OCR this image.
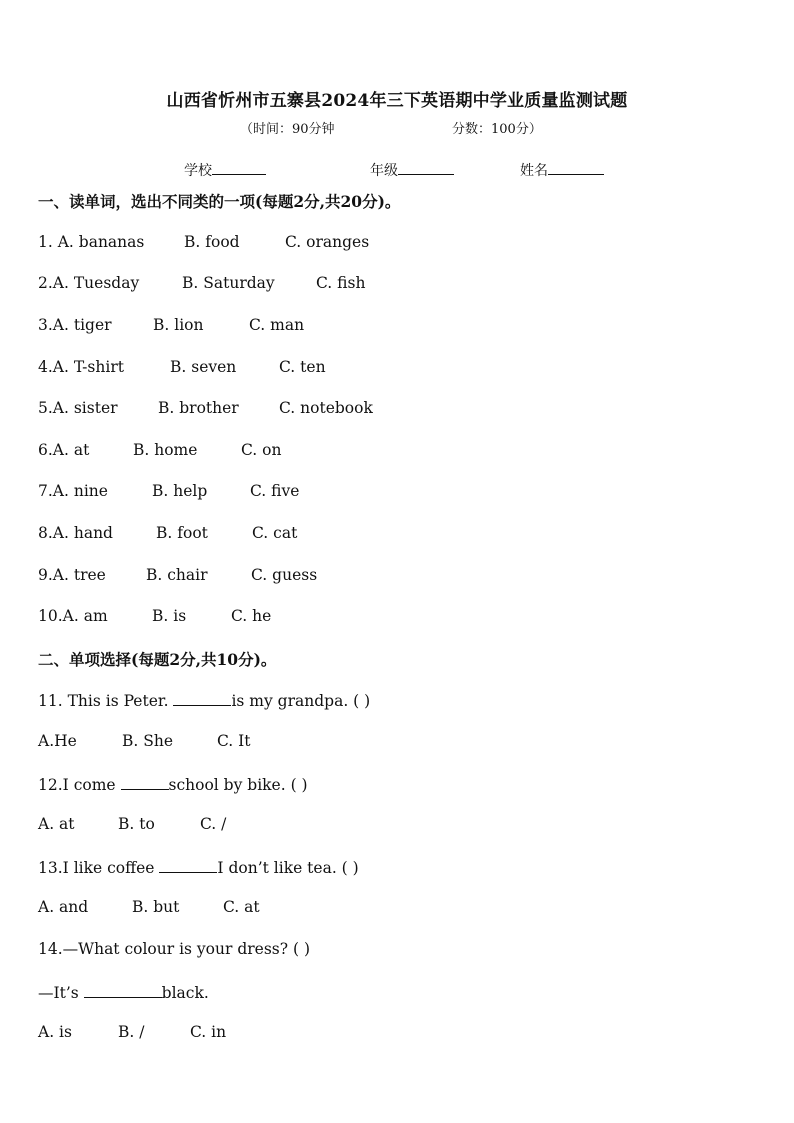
山西省忻州市五寨县2024年三下英语期中学业质量监测试题
（时间：90分钟	分数：100分）
学校	年级	姓名
一、读单词，选出不同类的一项(每题2分,共20分)。
1. A. bananas	B. food	C. oranges
2.A. Tuesday	B. Saturday	C. fish
3.A. tiger	B. lion	C. man
4.A. T-shirt	B. seven	C. ten
5.A. sister	B. brother	C. notebook
6.A. at	B. home	C. on
7.A. nine	B. help	C. five
8.A. hand	B. foot	C. cat
9.A. tree	B. chair	C. guess
10.A. am	B. is	C. he
二、单项选择(每题2分,共10分)。
11. This is Peter.	is my grandpa. ( )
A.He	B. She	C. It
12.I come	school by bike. ( )
A. at	B. to	C. /
13.I like coffee	I don’t like tea. ( )
A. and	B. but	C. at
14.—What colour is your dress? ( )
—It’s	black.
A. is	B. /	C. in
